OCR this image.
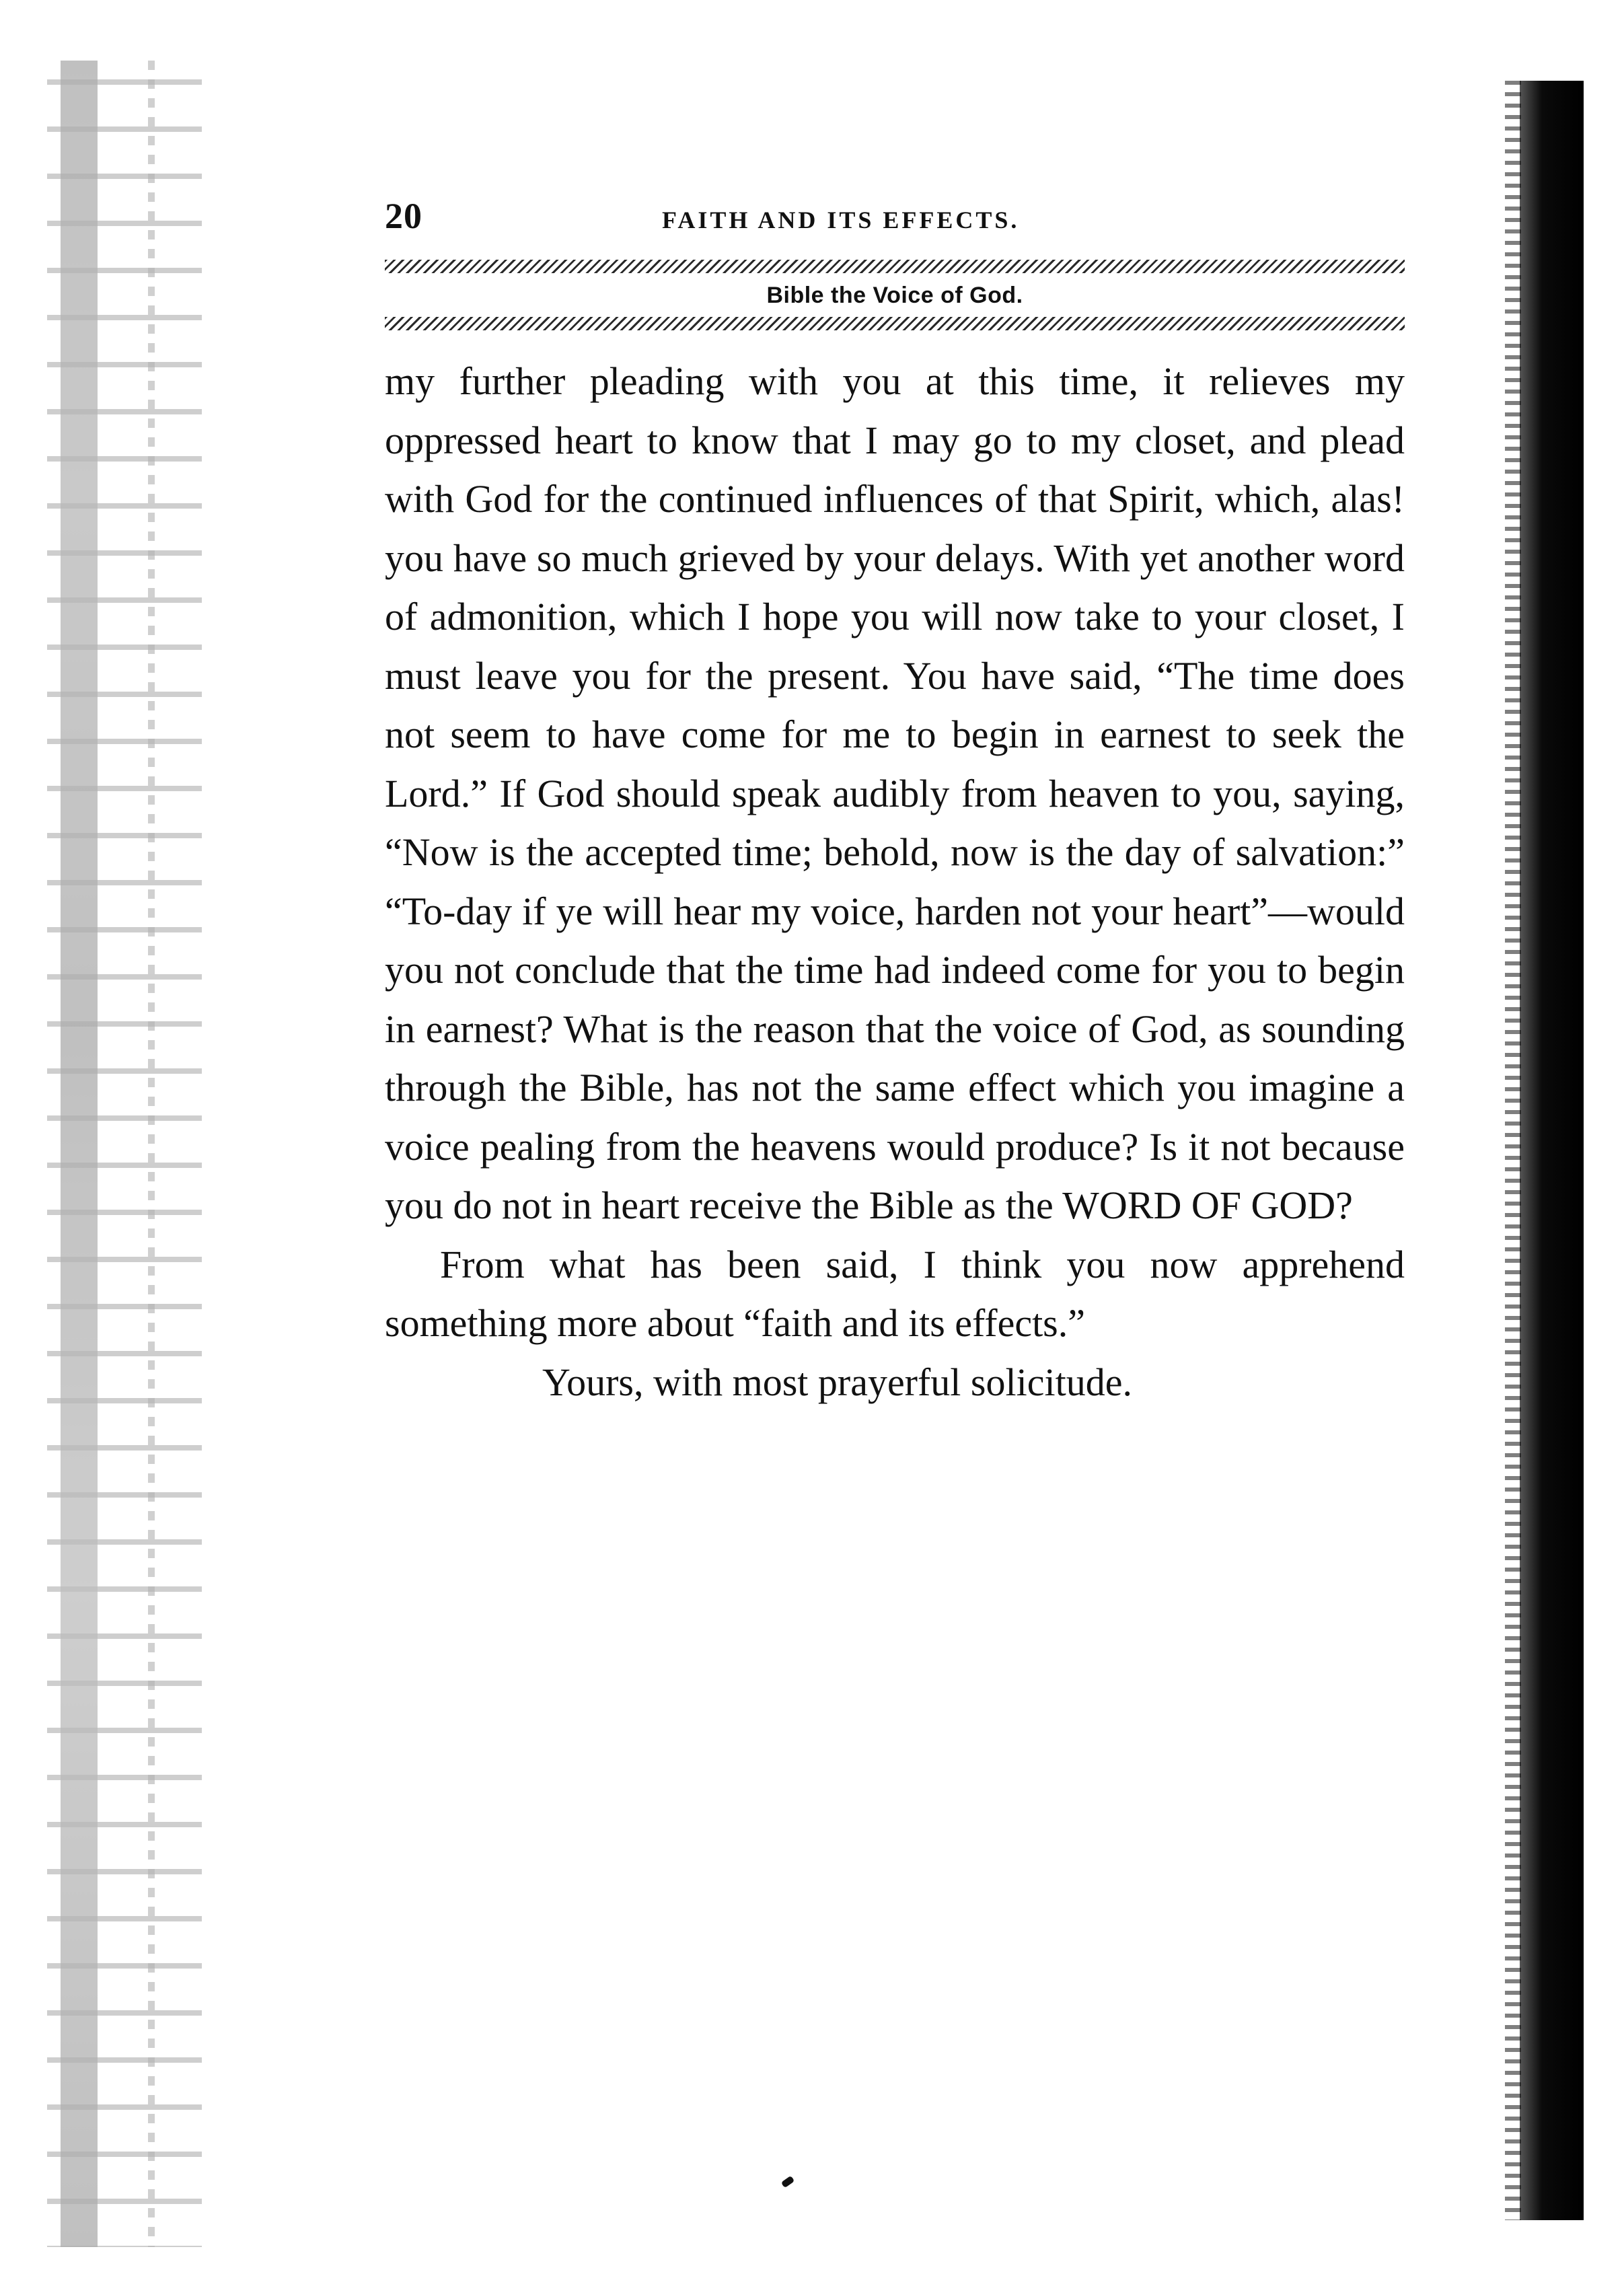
20	FAITH AND ITS EFFECTS.
Bible the Voice of God.

my further pleading with you at this time, it relieves my oppressed heart to know that I may go to my closet, and plead with God for the continued influences of that Spirit, which, alas! you have so much grieved by your delays. With yet another word of admonition, which I hope you will now take to your closet, I must leave you for the present. You have said, “The time does not seem to have come for me to begin in earnest to seek the Lord.” If God should speak audibly from heaven to you, saying, “Now is the accepted time; behold, now is the day of salvation:” “To-day if ye will hear my voice, harden not your heart”—would you not conclude that the time had indeed come for you to begin in earnest? What is the reason that the voice of God, as sounding through the Bible, has not the same effect which you imagine a voice pealing from the heavens would produce? Is it not because you do not in heart receive the Bible as the WORD OF GOD?

From what has been said, I think you now apprehend something more about “faith and its effects.”

Yours, with most prayerful solicitude.
